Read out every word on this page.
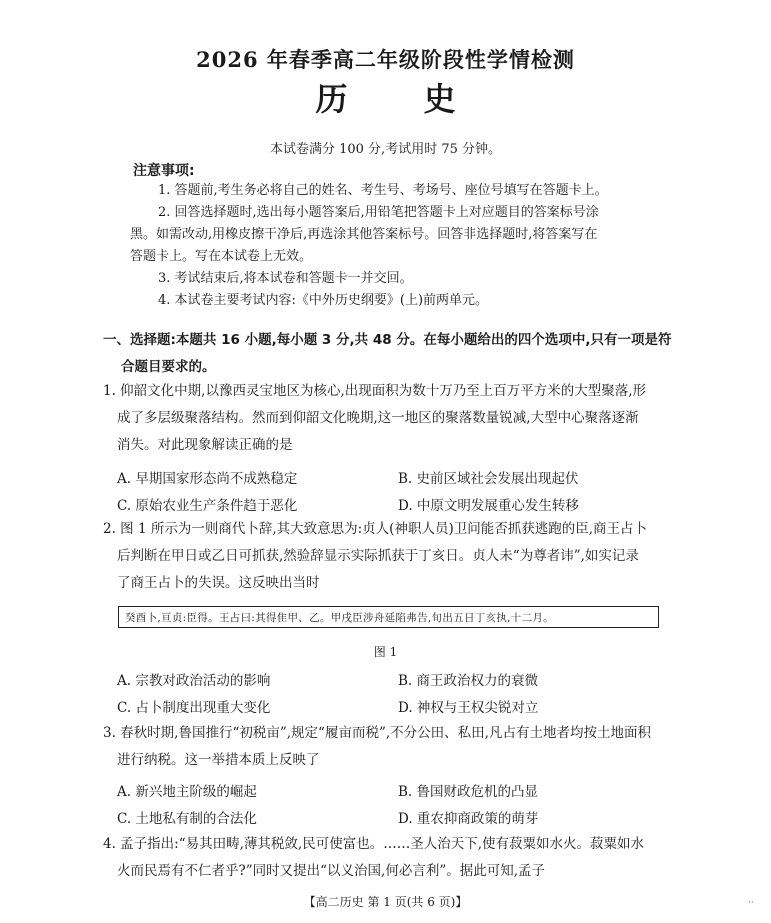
2026 年春季高二年级阶段性学情检测
历 史
本试卷满分 100 分,考试用时 75 分钟。
注意事项:

1. 答题前,考生务必将自己的姓名、考生号、考场号、座位号填写在答题卡上。

2. 回答选择题时,选出每小题答案后,用铅笔把答题卡上对应题目的答案标号涂

黑。如需改动,用橡皮擦干净后,再选涂其他答案标号。回答非选择题时,将答案写在

答题卡上。写在本试卷上无效。

3. 考试结束后,将本试卷和答题卡一并交回。

4. 本试卷主要考试内容:《中外历史纲要》(上)前两单元。

一、选择题:本题共 16 小题,每小题 3 分,共 48 分。在每小题给出的四个选项中,只有一项是符
合题目要求的。

1. 仰韶文化中期,以豫西灵宝地区为核心,出现面积为数十万乃至上百万平方米的大型聚落,形

成了多层级聚落结构。然而到仰韶文化晚期,这一地区的聚落数量锐减,大型中心聚落逐渐

消失。对此现象解读正确的是

A. 早期国家形态尚不成熟稳定	B. 史前区域社会发展出现起伏
C. 原始农业生产条件趋于恶化	D. 中原文明发展重心发生转移

2. 图 1 所示为一则商代卜辞,其大致意思为:贞人(神职人员)卫问能否抓获逃跑的臣,商王占卜

后判断在甲日或乙日可抓获,然验辞显示实际抓获于丁亥日。贞人未“为尊者讳”,如实记录

了商王占卜的失误。这反映出当时

癸酉卜,亘贞:臣得。王占曰:其得隹甲、乙。甲戌臣涉舟延陷弗告,旬出五日丁亥执,十二月。
图 1
A. 宗教对政治活动的影响	B. 商王政治权力的衰微
C. 占卜制度出现重大变化	D. 神权与王权尖锐对立

3. 春秋时期,鲁国推行“初税亩”,规定“履亩而税”,不分公田、私田,凡占有土地者均按土地面积

进行纳税。这一举措本质上反映了

A. 新兴地主阶级的崛起	B. 鲁国财政危机的凸显
C. 土地私有制的合法化	D. 重农抑商政策的萌芽

4. 孟子指出:“易其田畴,薄其税敛,民可使富也。……圣人治天下,使有菽粟如水火。菽粟如水

火而民焉有不仁者乎?”同时又提出“以义治国,何必言利”。据此可知,孟子

【高二历史 第 1 页(共 6 页)】	··
